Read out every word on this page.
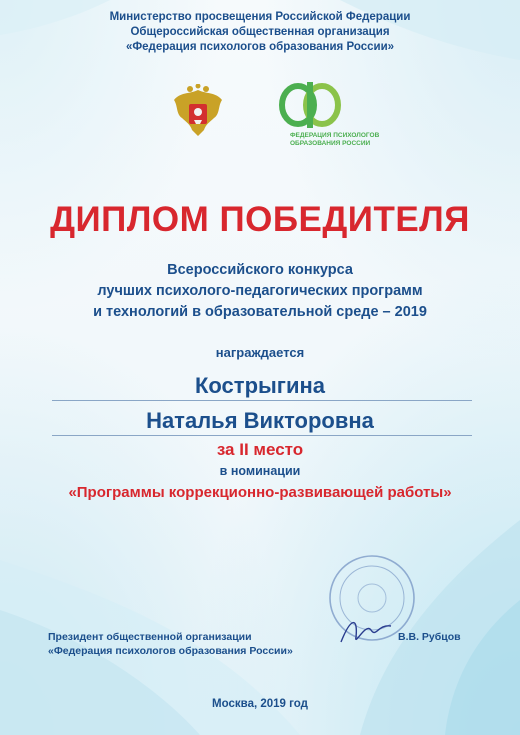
Министерство просвещения Российской Федерации
Общероссийская общественная организация
«Федерация психологов образования России»
ФЕДЕРАЦИЯ ПСИХОЛОГОВ
ОБРАЗОВАНИЯ РОССИИ
ДИПЛОМ ПОБЕДИТЕЛЯ
Всероссийского конкурса
лучших психолого-педагогических программ
и технологий в образовательной среде – 2019
награждается
Кострыгина
Наталья Викторовна
за II место
в номинации
«Программы коррекционно-развивающей работы»
Президент общественной организации
«Федерация психологов образования России»
В.В. Рубцов
Москва, 2019 год
